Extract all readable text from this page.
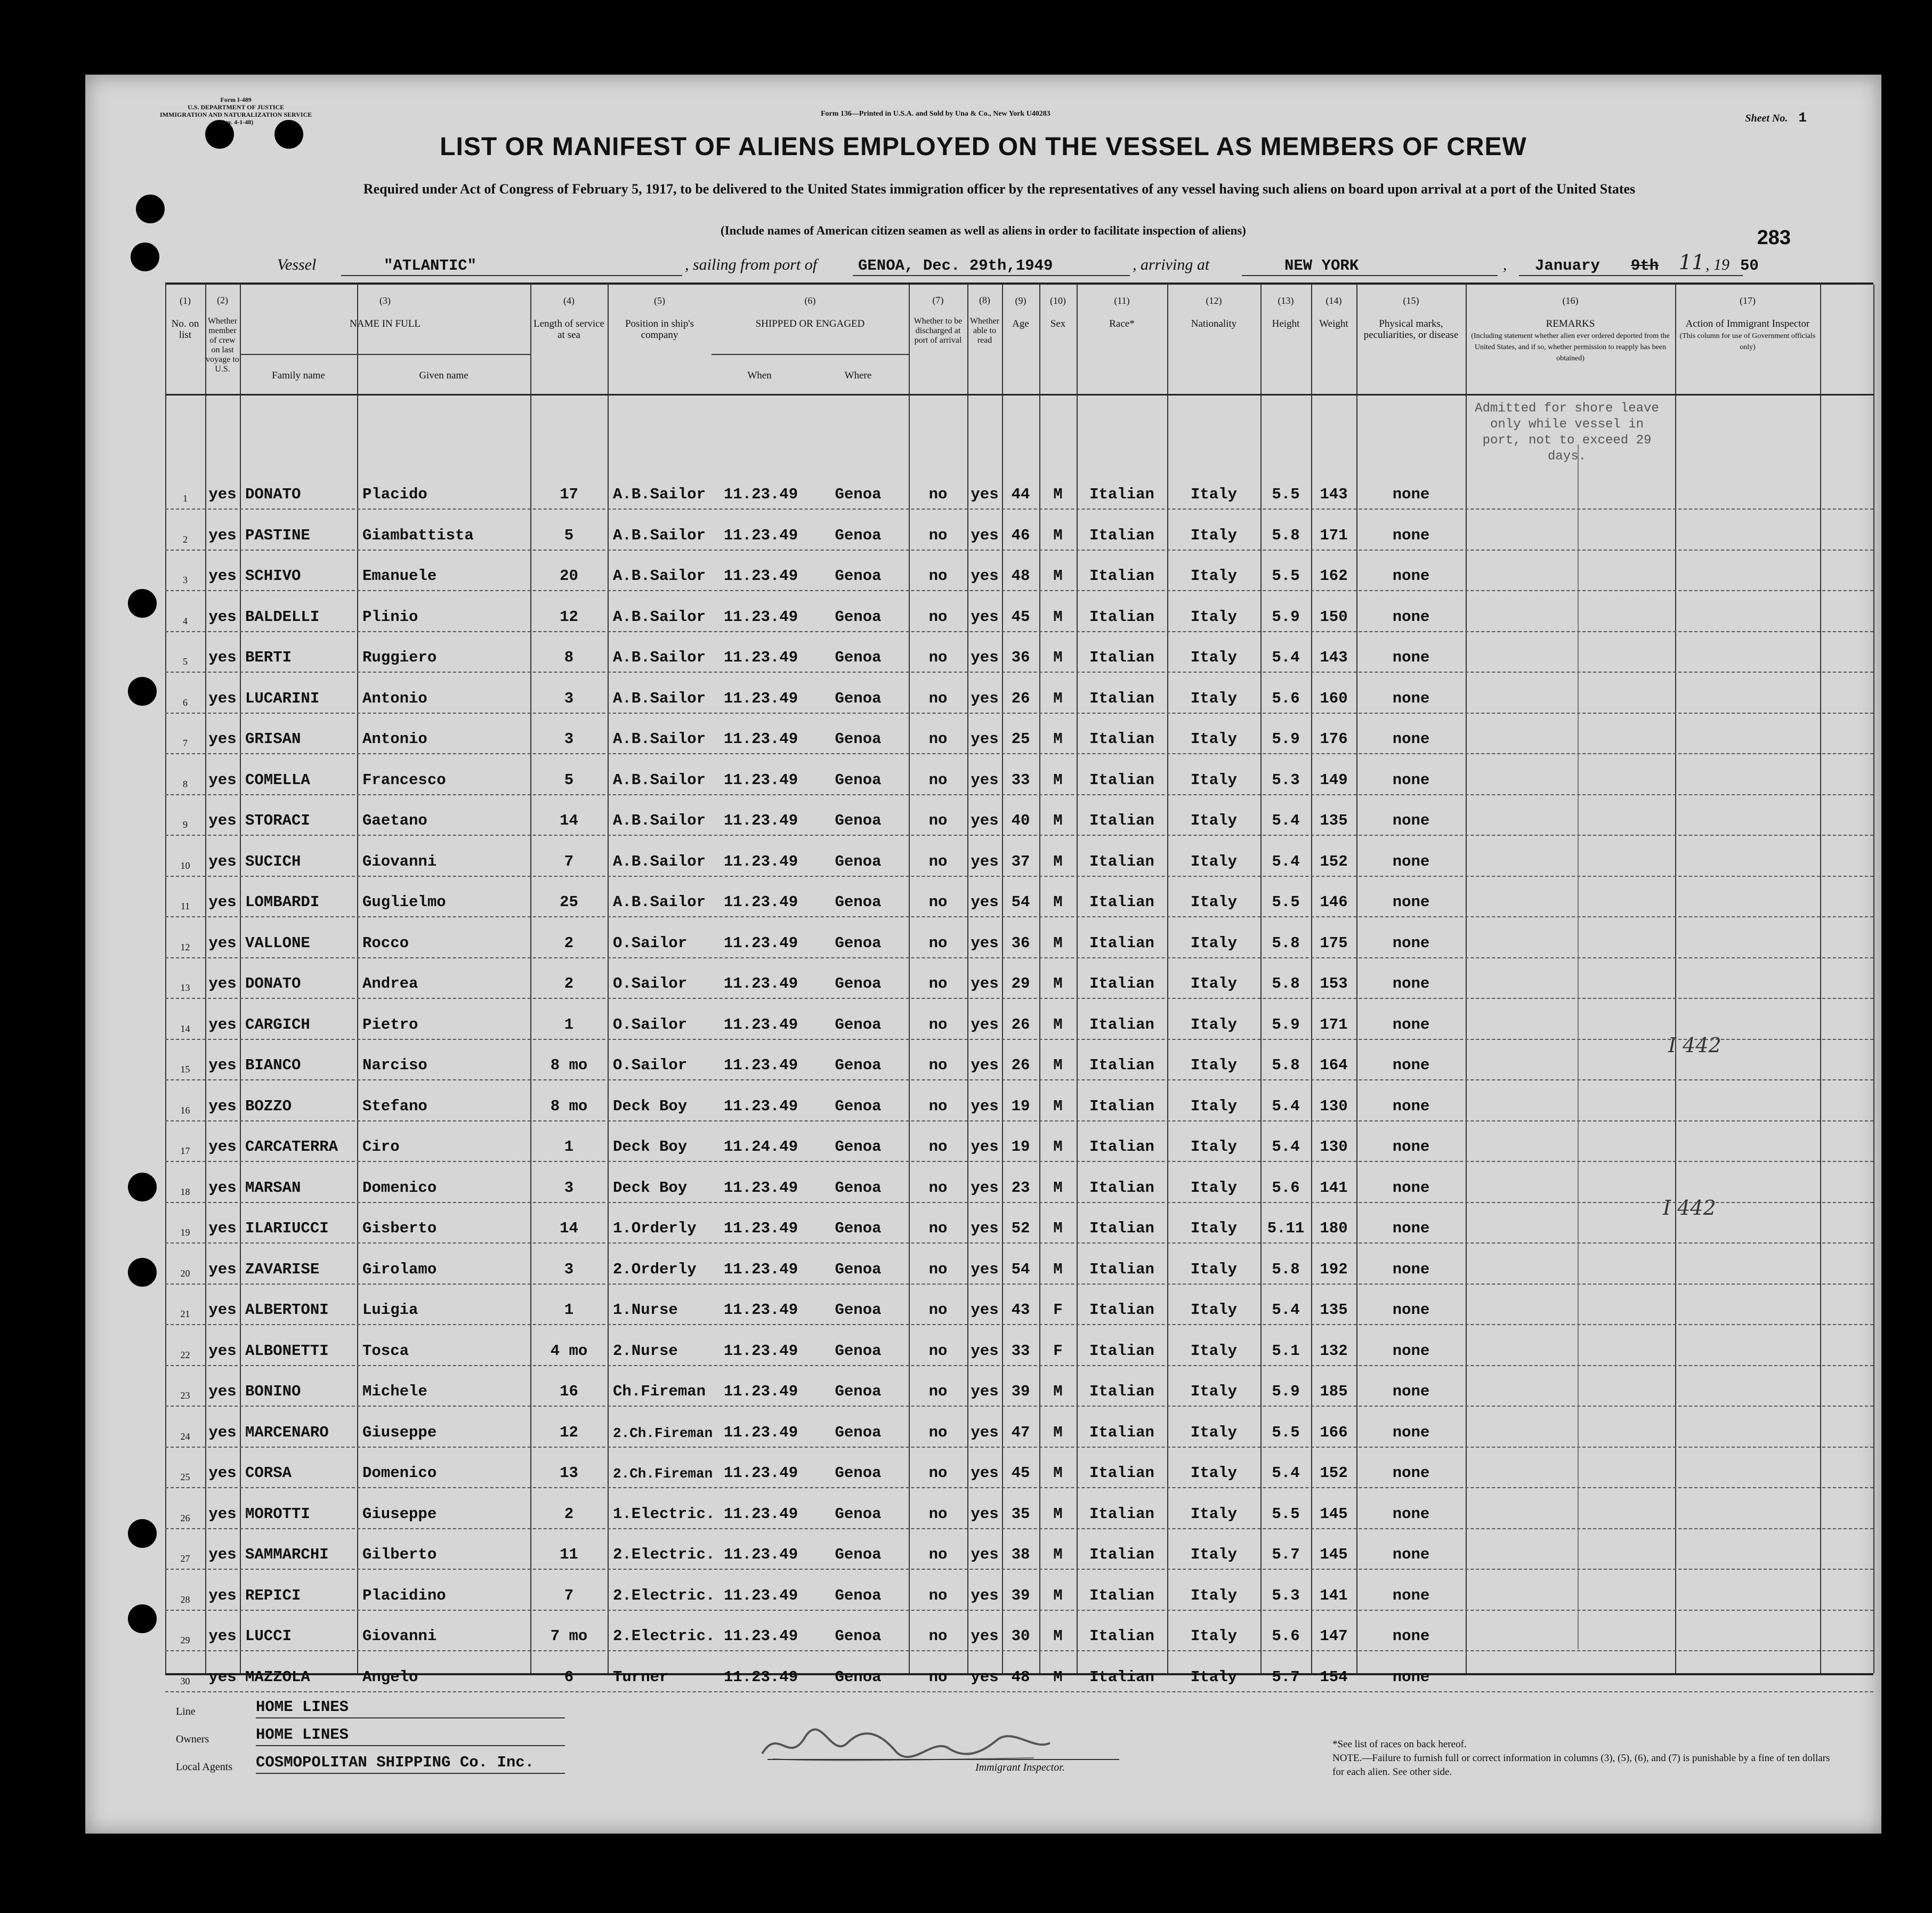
Form I-489
U.S. DEPARTMENT OF JUSTICE
IMMIGRATION AND NATURALIZATION SERVICE
(Rev. 4-1-48)
Form 136—Printed in U.S.A. and Sold by Una & Co., New York U40283	Sheet No. 1
LIST OR MANIFEST OF ALIENS EMPLOYED ON THE VESSEL AS MEMBERS OF CREW
Required under Act of Congress of February 5, 1917, to be delivered to the United States immigration officer by the representatives of any vessel having such aliens on board upon arrival at a port of the United States
(Include names of American citizen seamen as well as aliens in order to facilitate inspection of aliens)	283
Vessel	"ATLANTIC"	, sailing from port of	GENOA, Dec. 29th,1949	, arriving at	NEW YORK	, January 9th 11 , 19 50
(1)
No. on list
(2)
Whether member of crew on last voyage to U.S.
(3)
NAME IN FULL
Family name	Given name
(4)
Length of service at sea
(5)
Position in ship's company
(6)
SHIPPED OR ENGAGED
When	Where
(7)
Whether to be discharged at port of arrival
(8)
Whether able to read
(9)
Age
(10)
Sex
(11)
Race*
(12)
Nationality
(13)
Height
(14)
Weight
(15)
Physical marks, peculiarities, or disease
(16)
REMARKS
(Including statement whether alien ever ordered deported from the United States, and if so, whether permission to reapply has been obtained)
(17)
Action of Immigrant Inspector
(This column for use of Government officials only)
Admitted for shore leave only while vessel in port, not to exceed 29 days.
I 442
I 442
1	yes DONATO	Placido	17	A.B.Sailor	11.23.49	Genoa	no	yes 44	M	Italian	Italy	5.5	143	none
2	yes PASTINE	Giambattista	5	A.B.Sailor	11.23.49	Genoa	no	yes 46	M	Italian	Italy	5.8	171	none
3	yes SCHIVO	Emanuele	20	A.B.Sailor	11.23.49	Genoa	no	yes 48	M	Italian	Italy	5.5	162	none
4	yes BALDELLI	Plinio	12	A.B.Sailor	11.23.49	Genoa	no	yes 45	M	Italian	Italy	5.9	150	none
5	yes BERTI	Ruggiero	8	A.B.Sailor	11.23.49	Genoa	no	yes 36	M	Italian	Italy	5.4	143	none
6	yes LUCARINI	Antonio	3	A.B.Sailor	11.23.49	Genoa	no	yes 26	M	Italian	Italy	5.6	160	none
7	yes GRISAN	Antonio	3	A.B.Sailor	11.23.49	Genoa	no	yes 25	M	Italian	Italy	5.9	176	none
8	yes COMELLA	Francesco	5	A.B.Sailor	11.23.49	Genoa	no	yes 33	M	Italian	Italy	5.3	149	none
9	yes STORACI	Gaetano	14	A.B.Sailor	11.23.49	Genoa	no	yes 40	M	Italian	Italy	5.4	135	none
10	yes SUCICH	Giovanni	7	A.B.Sailor	11.23.49	Genoa	no	yes 37	M	Italian	Italy	5.4	152	none
11	yes LOMBARDI	Guglielmo	25	A.B.Sailor	11.23.49	Genoa	no	yes 54	M	Italian	Italy	5.5	146	none
12	yes VALLONE	Rocco	2	O.Sailor	11.23.49	Genoa	no	yes 36	M	Italian	Italy	5.8	175	none
13	yes DONATO	Andrea	2	O.Sailor	11.23.49	Genoa	no	yes 29	M	Italian	Italy	5.8	153	none
14	yes CARGICH	Pietro	1	O.Sailor	11.23.49	Genoa	no	yes 26	M	Italian	Italy	5.9	171	none
15	yes BIANCO	Narciso	8 mo	O.Sailor	11.23.49	Genoa	no	yes 26	M	Italian	Italy	5.8	164	none
16	yes BOZZO	Stefano	8 mo	Deck Boy	11.23.49	Genoa	no	yes 19	M	Italian	Italy	5.4	130	none
17	yes CARCATERRA	Ciro	1	Deck Boy	11.24.49	Genoa	no	yes 19	M	Italian	Italy	5.4	130	none
18	yes MARSAN	Domenico	3	Deck Boy	11.23.49	Genoa	no	yes 23	M	Italian	Italy	5.6	141	none
19	yes ILARIUCCI	Gisberto	14	1.Orderly	11.23.49	Genoa	no	yes 52	M	Italian	Italy	5.11	180	none
20	yes ZAVARISE	Girolamo	3	2.Orderly	11.23.49	Genoa	no	yes 54	M	Italian	Italy	5.8	192	none
21	yes ALBERTONI	Luigia	1	1.Nurse	11.23.49	Genoa	no	yes 43	F	Italian	Italy	5.4	135	none
22	yes ALBONETTI	Tosca	4 mo	2.Nurse	11.23.49	Genoa	no	yes 33	F	Italian	Italy	5.1	132	none
23	yes BONINO	Michele	16	Ch.Fireman	11.23.49	Genoa	no	yes 39	M	Italian	Italy	5.9	185	none
24	yes MARCENARO	Giuseppe	12	2.Ch.Fireman 11.23.49	Genoa	no	yes 47	M	Italian	Italy	5.5	166	none
25	yes CORSA	Domenico	13	2.Ch.Fireman 11.23.49	Genoa	no	yes 45	M	Italian	Italy	5.4	152	none
26	yes MOROTTI	Giuseppe	2	1.Electric. 11.23.49	Genoa	no	yes 35	M	Italian	Italy	5.5	145	none
27	yes SAMMARCHI	Gilberto	11	2.Electric. 11.23.49	Genoa	no	yes 38	M	Italian	Italy	5.7	145	none
28	yes REPICI	Placidino	7	2.Electric. 11.23.49	Genoa	no	yes 39	M	Italian	Italy	5.3	141	none
29	yes LUCCI	Giovanni	7 mo	2.Electric. 11.23.49	Genoa	no	yes 30	M	Italian	Italy	5.6	147	none
30	yes MAZZOLA	Angelo	6	Turner	11.23.49	Genoa	no	yes 48	M	Italian	Italy	5.7	154	none
Line	HOME LINES
Owners	HOME LINES
Local Agents COSMOPOLITAN SHIPPING Co. Inc.	Immigrant Inspector.
*See list of races on back hereof.
NOTE.—Failure to furnish full or correct information in columns (3), (5), (6), and (7) is punishable by a fine of ten dollars for each alien. See other side.
